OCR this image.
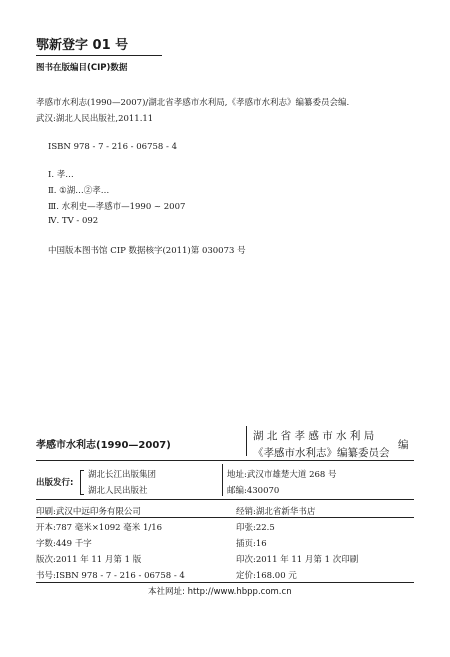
鄂新登字 01 号
图书在版编目(CIP)数据
孝感市水利志(1990—2007)/湖北省孝感市水利局,《孝感市水利志》编纂委员会编.
武汉:湖北人民出版社,2011.11
ISBN 978 - 7 - 216 - 06758 - 4
Ⅰ. 孝…
Ⅱ. ①湖…②孝…
Ⅲ. 水利史—孝感市—1990 ~ 2007
Ⅳ. TV - 092
中国版本图书馆 CIP 数据核字(2011)第 030073 号
孝感市水利志(1990—2007)
湖 北 省 孝 感 市 水 利 局
《孝感市水利志》编纂委员会
编
出版发行:
湖北长江出版集团
湖北人民出版社
地址:武汉市雄楚大道 268 号
邮编:430070
印刷:武汉中远印务有限公司	经销:湖北省新华书店
开本:787 毫米×1092 毫米 1/16	印张:22.5
字数:449 千字	插页:16
版次:2011 年 11 月第 1 版	印次:2011 年 11 月第 1 次印刷
书号:ISBN 978 - 7 - 216 - 06758 - 4	定价:168.00 元
本社网址: http://www.hbpp.com.cn
